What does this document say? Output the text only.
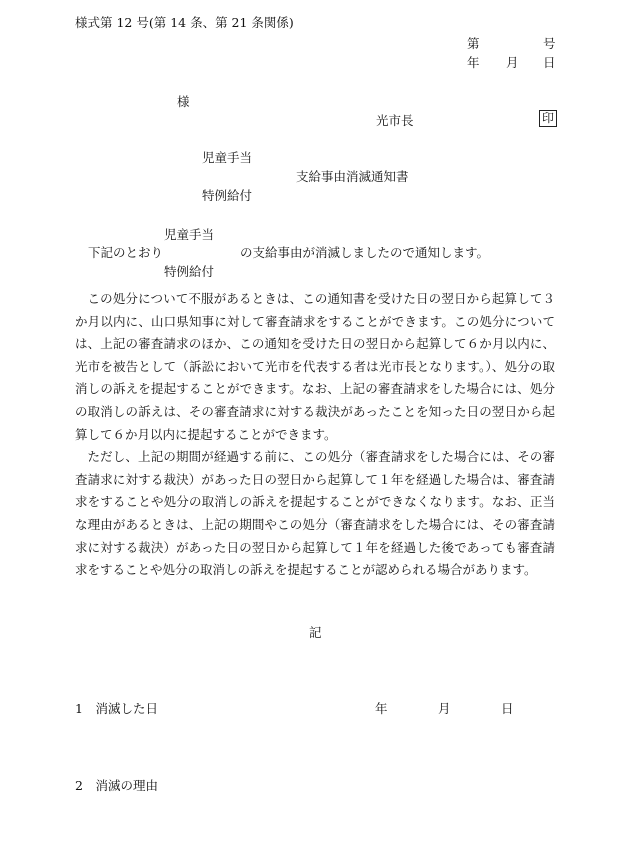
様式第 12 号(第 14 条、第 21 条関係)
第	号
年 月 日
様
光市長	印
児童手当
支給事由消滅通知書
特例給付
児童手当
下記のとおり	の支給事由が消滅しましたので通知します。
特例給付

この処分について不服があるときは、この通知書を受けた日の翌日から起算して３か月以内に、山口県知事に対して審査請求をすることができます。この処分については、上記の審査請求のほか、この通知を受けた日の翌日から起算して６か月以内に、光市を被告として（訴訟において光市を代表する者は光市長となります。）、処分の取消しの訴えを提起することができます。なお、上記の審査請求をした場合には、処分の取消しの訴えは、その審査請求に対する裁決があったことを知った日の翌日から起算して６か月以内に提起することができます。

ただし、上記の期間が経過する前に、この処分（審査請求をした場合には、その審査請求に対する裁決）があった日の翌日から起算して１年を経過した場合は、審査請求をすることや処分の取消しの訴えを提起することができなくなります。なお、正当な理由があるときは、上記の期間やこの処分（審査請求をした場合には、その審査請求に対する裁決）があった日の翌日から起算して１年を経過した後であっても審査請求をすることや処分の取消しの訴えを提起することが認められる場合があります。

記
1　消滅した日	年	月	日
2　消滅の理由
